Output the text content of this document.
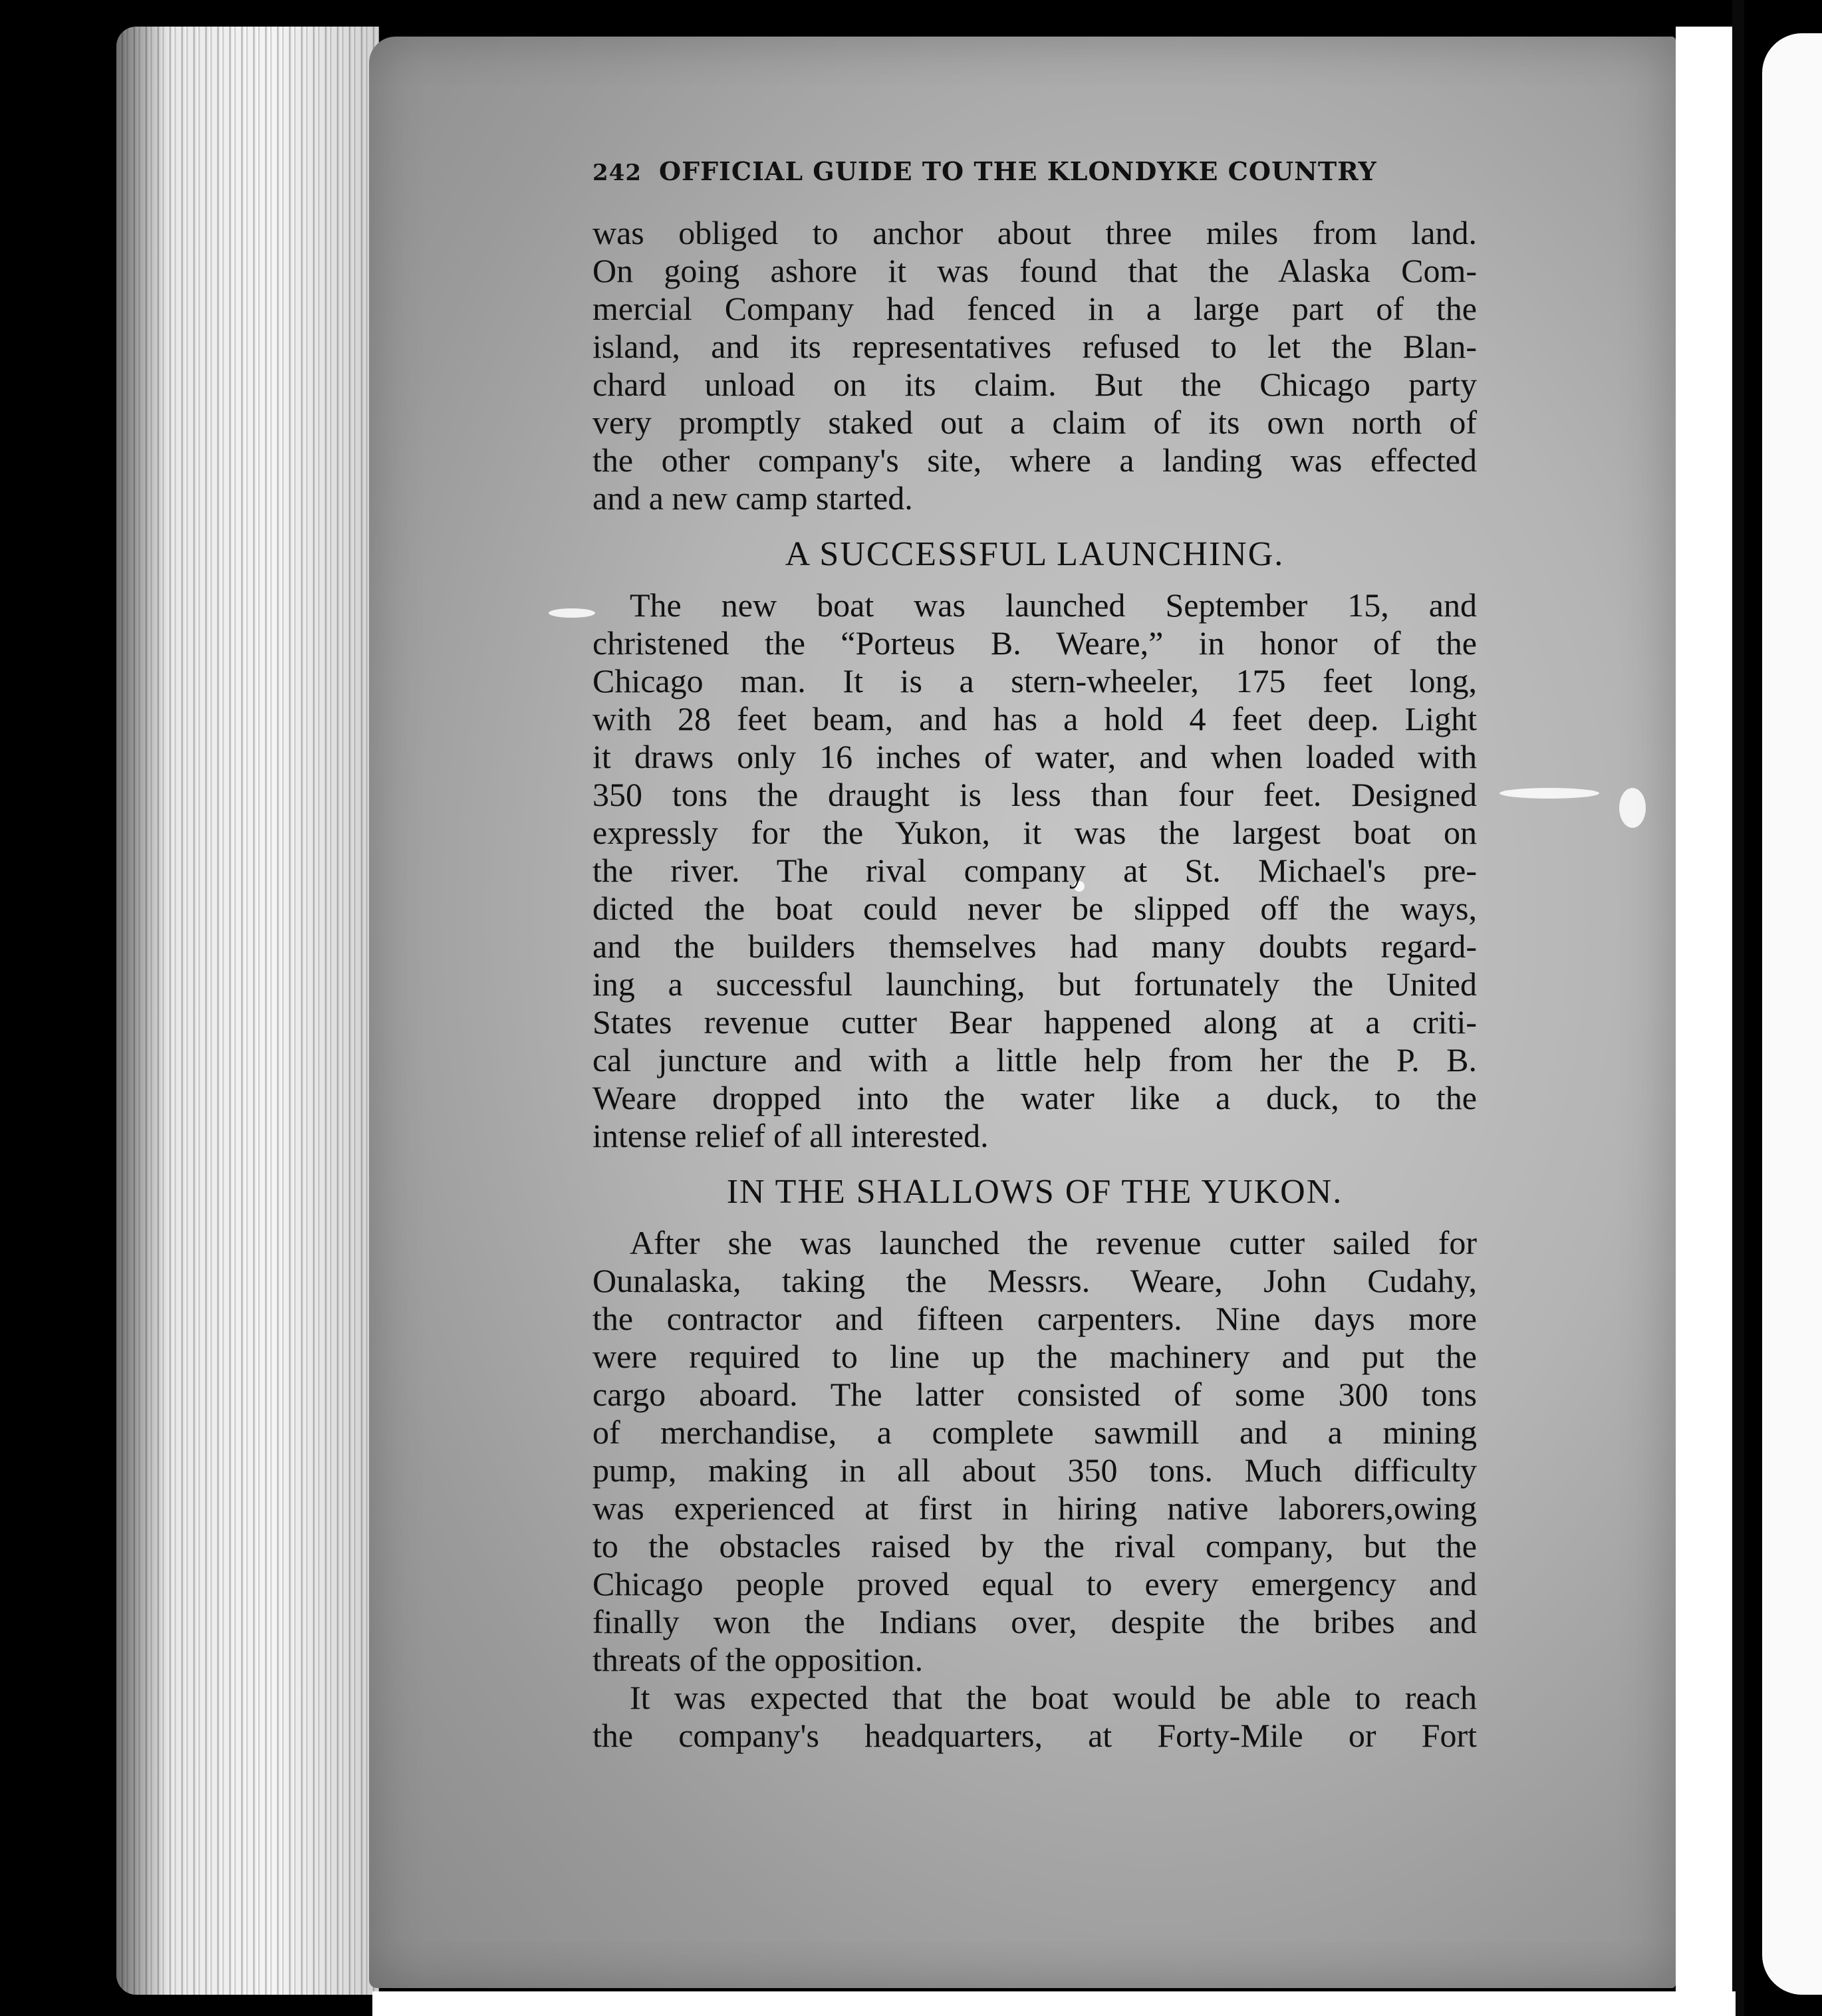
242 OFFICIAL GUIDE TO THE KLONDYKE COUNTRY
was obliged to anchor about three miles from land.
On going ashore it was found that the Alaska Com-
mercial Company had fenced in a large part of the
island, and its representatives refused to let the Blan-
chard unload on its claim. But the Chicago party
very promptly staked out a claim of its own north of
the other company's site, where a landing was effected
and a new camp started.
A SUCCESSFUL LAUNCHING.
The new boat was launched September 15, and
christened the “Porteus B. Weare,” in honor of the
Chicago man. It is a stern-wheeler, 175 feet long,
with 28 feet beam, and has a hold 4 feet deep. Light
it draws only 16 inches of water, and when loaded with
350 tons the draught is less than four feet. Designed
expressly for the Yukon, it was the largest boat on
the river. The rival company at St. Michael's pre-
dicted the boat could never be slipped off the ways,
and the builders themselves had many doubts regard-
ing a successful launching, but fortunately the United
States revenue cutter Bear happened along at a criti-
cal juncture and with a little help from her the P. B.
Weare dropped into the water like a duck, to the
intense relief of all interested.
IN THE SHALLOWS OF THE YUKON.
After she was launched the revenue cutter sailed for
Ounalaska, taking the Messrs. Weare, John Cudahy,
the contractor and fifteen carpenters. Nine days more
were required to line up the machinery and put the
cargo aboard. The latter consisted of some 300 tons
of merchandise, a complete sawmill and a mining
pump, making in all about 350 tons. Much difficulty
was experienced at first in hiring native laborers,owing
to the obstacles raised by the rival company, but the
Chicago people proved equal to every emergency and
finally won the Indians over, despite the bribes and
threats of the opposition.
It was expected that the boat would be able to reach
the company's headquarters, at Forty-Mile or Fort
